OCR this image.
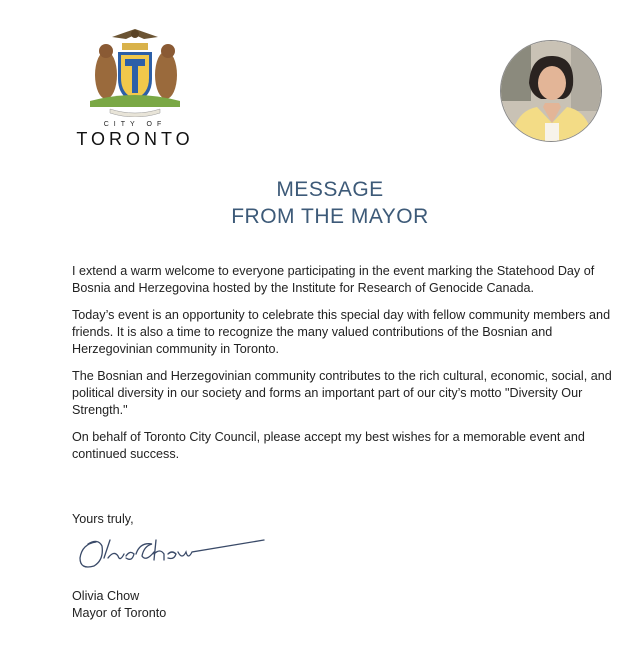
CITY OF
TORONTO
MESSAGE
FROM THE MAYOR

I extend a warm welcome to everyone participating in the event marking the Statehood Day of Bosnia and Herzegovina hosted by the Institute for Research of Genocide Canada.

Today’s event is an opportunity to celebrate this special day with fellow community members and friends. It is also a time to recognize the many valued contributions of the Bosnian and Herzegovinian community in Toronto.

The Bosnian and Herzegovinian community contributes to the rich cultural, economic, social, and political diversity in our society and forms an important part of our city’s motto "Diversity Our Strength."

On behalf of Toronto City Council, please accept my best wishes for a memorable event and continued success.

Yours truly,
Olivia Chow
Mayor of Toronto
